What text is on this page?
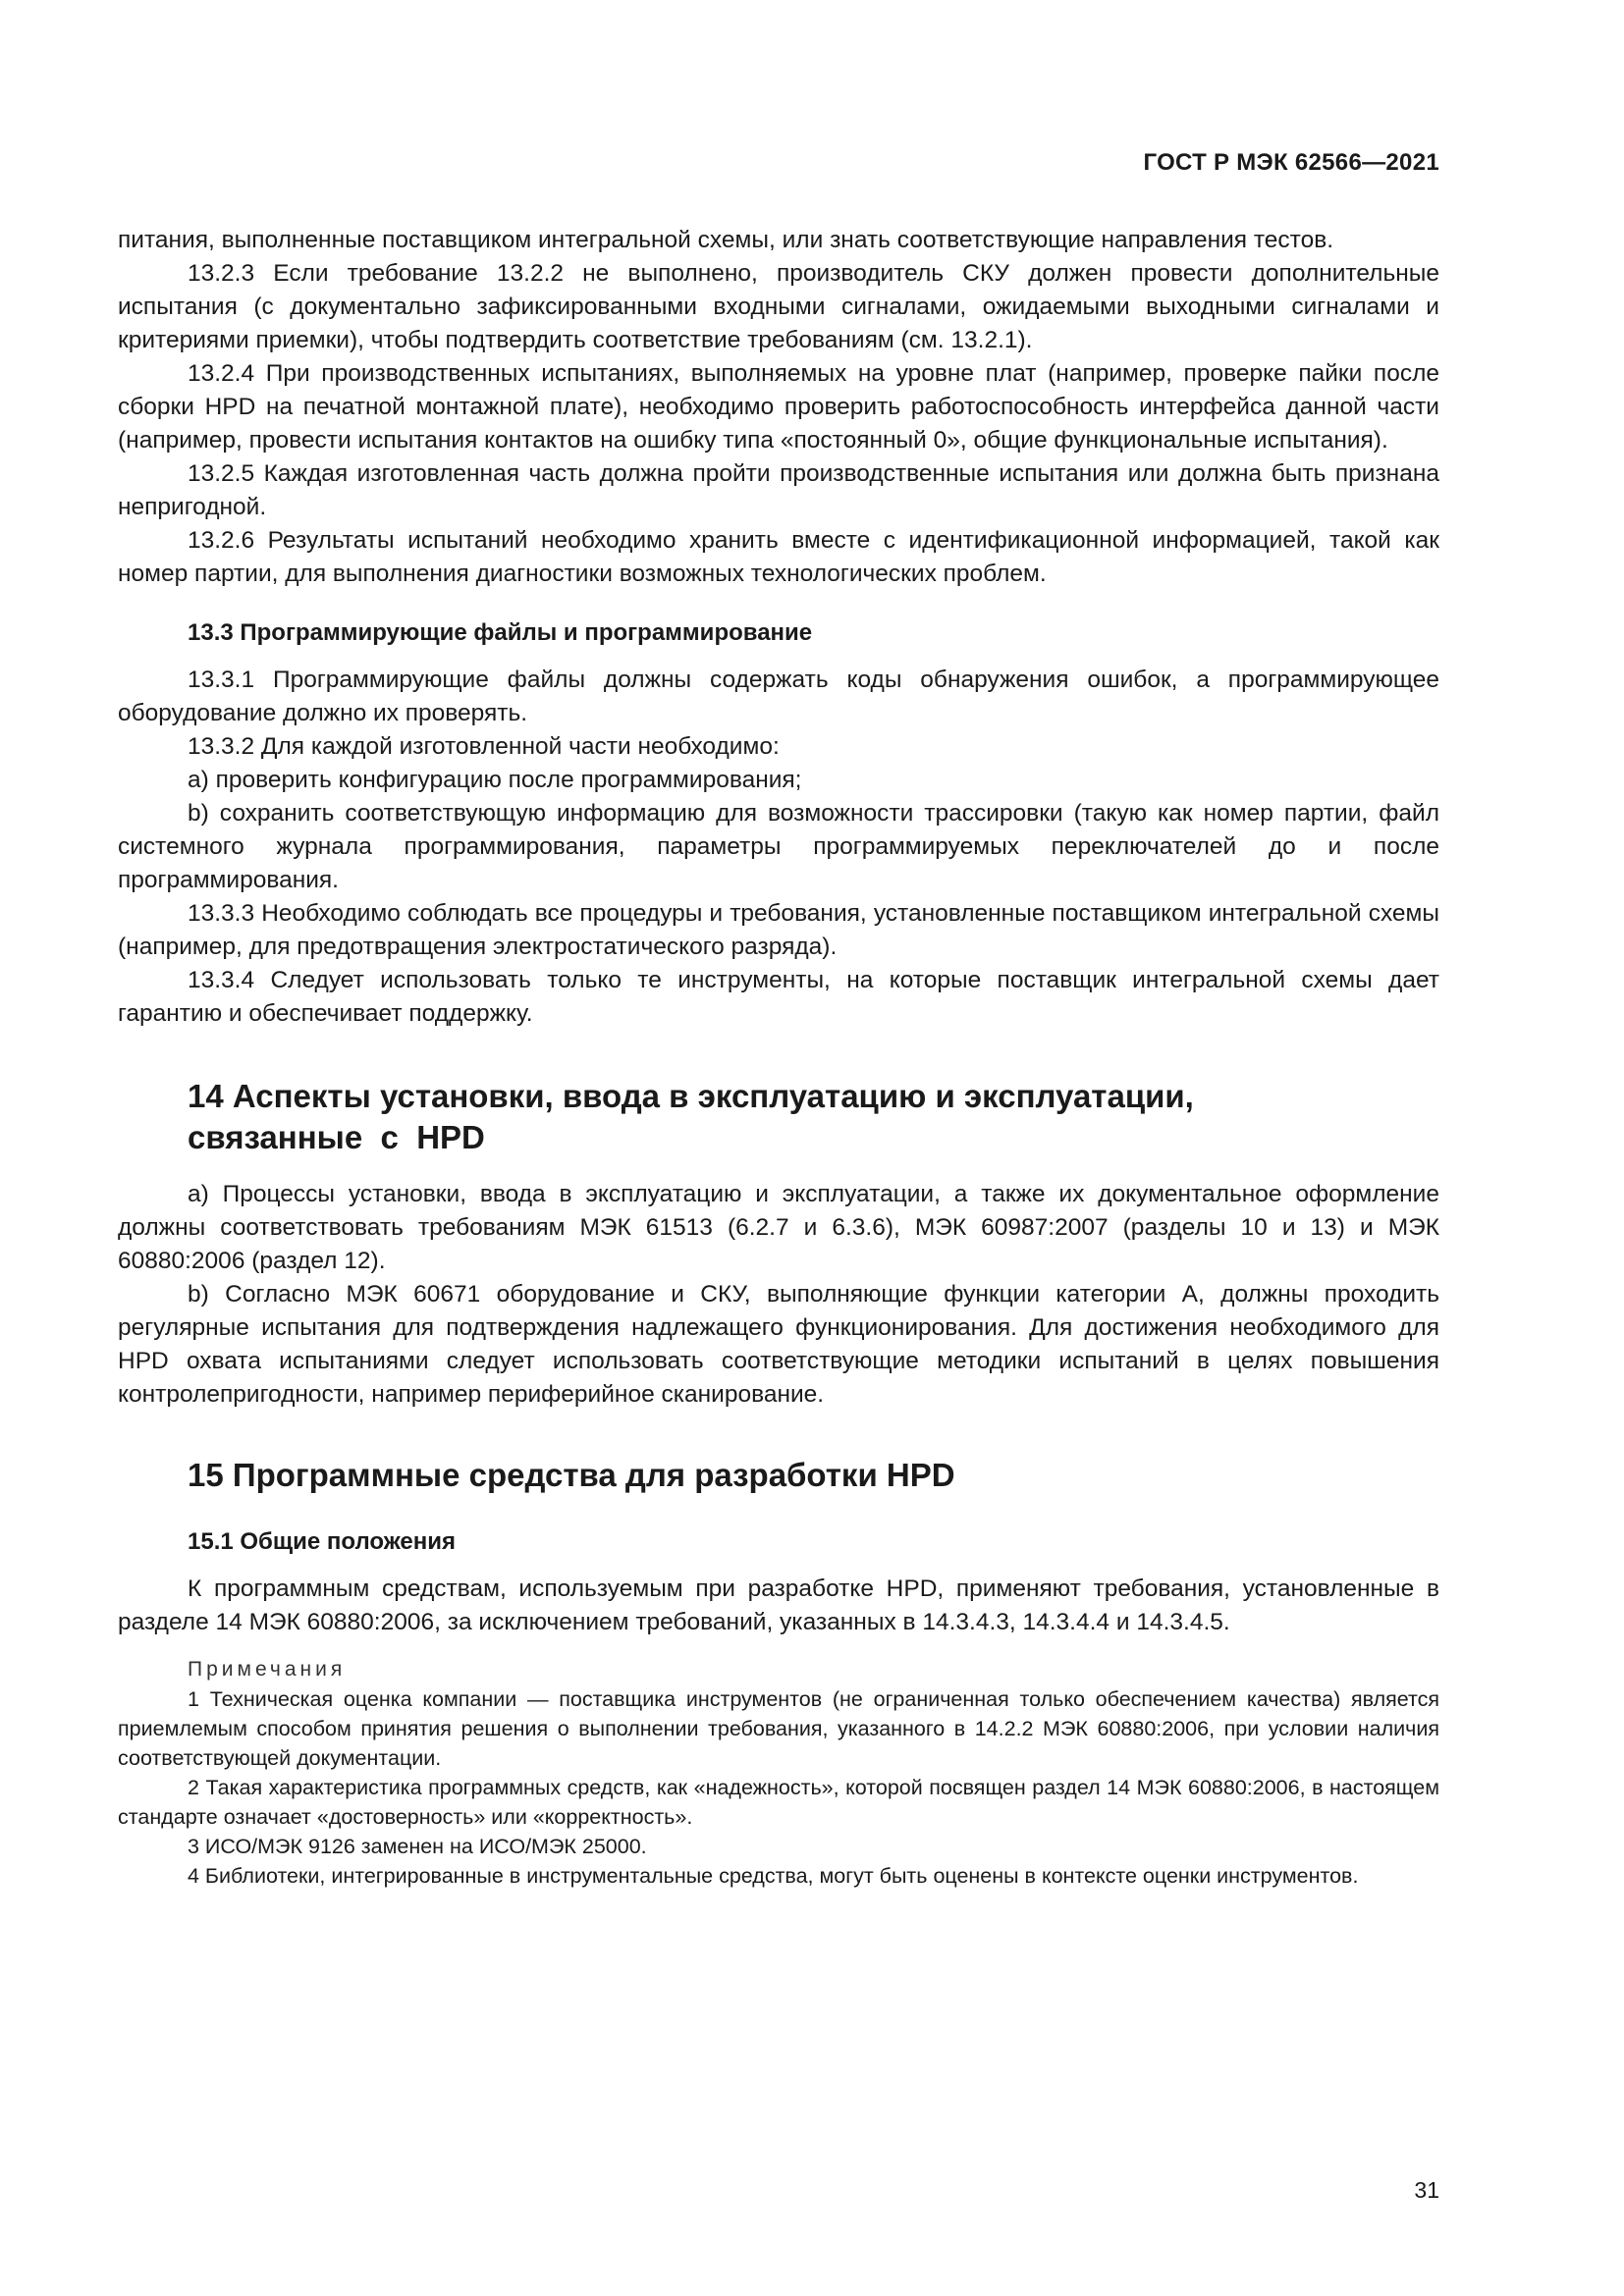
ГОСТ Р МЭК 62566—2021

питания, выполненные поставщиком интегральной схемы, или знать соответствующие направления тестов.

13.2.3 Если требование 13.2.2 не выполнено, производитель СКУ должен провести дополнительные испытания (с документально зафиксированными входными сигналами, ожидаемыми выходными сигналами и критериями приемки), чтобы подтвердить соответствие требованиям (см. 13.2.1).

13.2.4 При производственных испытаниях, выполняемых на уровне плат (например, проверке пайки после сборки HPD на печатной монтажной плате), необходимо проверить работоспособность интерфейса данной части (например, провести испытания контактов на ошибку типа «постоянный 0», общие функциональные испытания).

13.2.5 Каждая изготовленная часть должна пройти производственные испытания или должна быть признана непригодной.

13.2.6 Результаты испытаний необходимо хранить вместе с идентификационной информацией, такой как номер партии, для выполнения диагностики возможных технологических проблем.

13.3 Программирующие файлы и программирование

13.3.1 Программирующие файлы должны содержать коды обнаружения ошибок, а программирующее оборудование должно их проверять.

13.3.2 Для каждой изготовленной части необходимо:

a) проверить конфигурацию после программирования;

b) сохранить соответствующую информацию для возможности трассировки (такую как номер партии, файл системного журнала программирования, параметры программируемых переключателей до и после программирования.

13.3.3 Необходимо соблюдать все процедуры и требования, установленные поставщиком интегральной схемы (например, для предотвращения электростатического разряда).

13.3.4 Следует использовать только те инструменты, на которые поставщик интегральной схемы дает гарантию и обеспечивает поддержку.

14 Аспекты установки, ввода в эксплуатацию и эксплуатации,
связанные  с  HPD

a) Процессы установки, ввода в эксплуатацию и эксплуатации, а также их документальное оформление должны соответствовать требованиям МЭК 61513 (6.2.7 и 6.3.6), МЭК 60987:2007 (разделы 10 и 13) и МЭК 60880:2006 (раздел 12).

b) Согласно МЭК 60671 оборудование и СКУ, выполняющие функции категории А, должны проходить регулярные испытания для подтверждения надлежащего функционирования. Для достижения необходимого для HPD охвата испытаниями следует использовать соответствующие методики испытаний в целях повышения контролепригодности, например периферийное сканирование.

15 Программные средства для разработки HPD
15.1 Общие положения

К программным средствам, используемым при разработке HPD, применяют требования, установленные в разделе 14 МЭК 60880:2006, за исключением требований, указанных в 14.3.4.3, 14.3.4.4 и 14.3.4.5.

Примечания

1 Техническая оценка компании — поставщика инструментов (не ограниченная только обеспечением качества) является приемлемым способом принятия решения о выполнении требования, указанного в 14.2.2 МЭК 60880:2006, при условии наличия соответствующей документации.

2 Такая характеристика программных средств, как «надежность», которой посвящен раздел 14 МЭК 60880:2006, в настоящем стандарте означает «достоверность» или «корректность».

3 ИСО/МЭК 9126 заменен на ИСО/МЭК 25000.

4 Библиотеки, интегрированные в инструментальные средства, могут быть оценены в контексте оценки инструментов.

31
